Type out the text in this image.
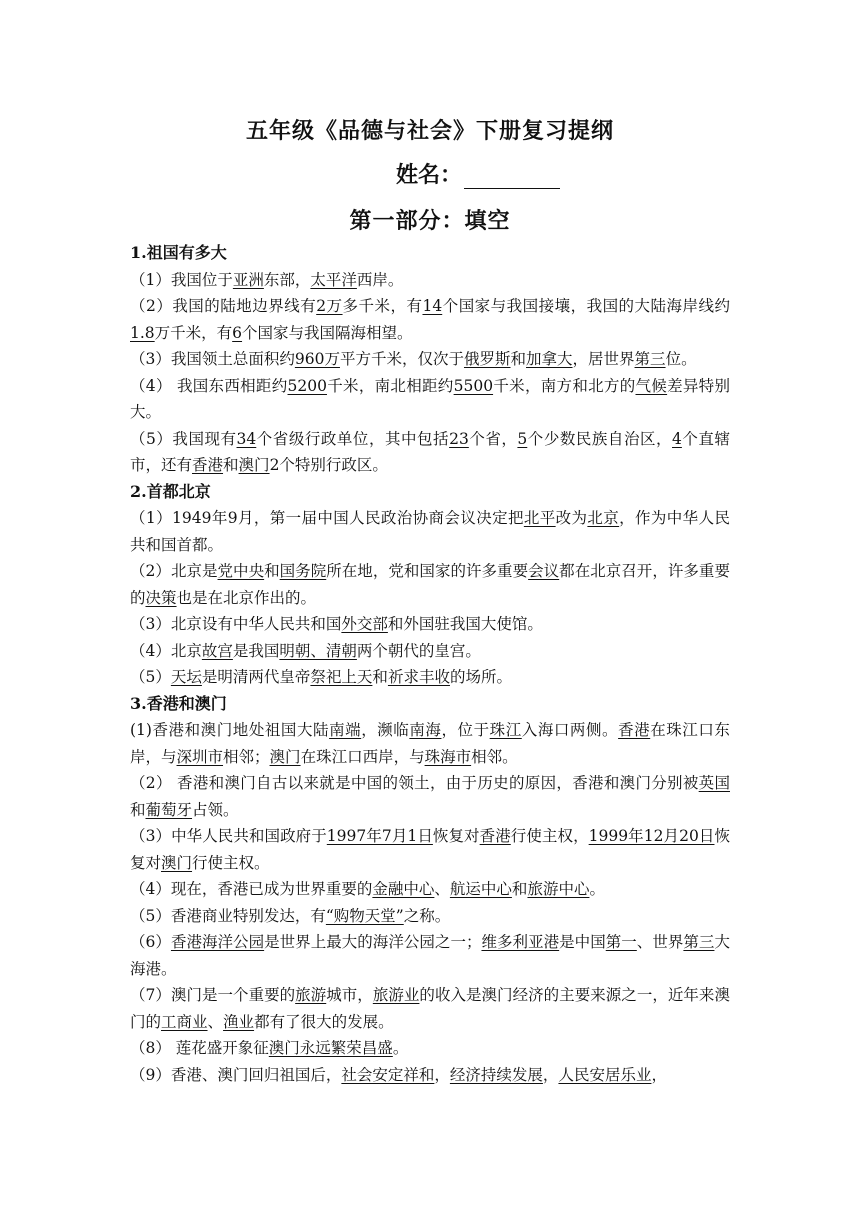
五年级《品德与社会》下册复习提纲
姓名：
第一部分：填空
1.祖国有多大
（1）我国位于亚洲东部，太平洋西岸。
（2）我国的陆地边界线有2万多千米，有14个国家与我国接壤，我国的大陆海岸线约1.8万千米，有6个国家与我国隔海相望。
（3）我国领土总面积约960万平方千米，仅次于俄罗斯和加拿大，居世界第三位。
（4） 我国东西相距约5200千米，南北相距约5500千米，南方和北方的气候差异特别大。
（5）我国现有34个省级行政单位，其中包括23个省，5个少数民族自治区，4个直辖市，还有香港和澳门2个特别行政区。
2.首都北京
（1）1949年9月，第一届中国人民政治协商会议决定把北平改为北京，作为中华人民共和国首都。
（2）北京是党中央和国务院所在地，党和国家的许多重要会议都在北京召开，许多重要的决策也是在北京作出的。
（3）北京设有中华人民共和国外交部和外国驻我国大使馆。
（4）北京故宫是我国明朝、清朝两个朝代的皇宫。
（5）天坛是明清两代皇帝祭祀上天和祈求丰收的场所。
3.香港和澳门
(1)香港和澳门地处祖国大陆南端，濒临南海，位于珠江入海口两侧。香港在珠江口东岸，与深圳市相邻；澳门在珠江口西岸，与珠海市相邻。
（2） 香港和澳门自古以来就是中国的领土，由于历史的原因，香港和澳门分别被英国和葡萄牙占领。
（3）中华人民共和国政府于1997年7月1日恢复对香港行使主权，1999年12月20日恢复对澳门行使主权。
（4）现在，香港已成为世界重要的金融中心、航运中心和旅游中心。
（5）香港商业特别发达，有“购物天堂”之称。
（6）香港海洋公园是世界上最大的海洋公园之一；维多利亚港是中国第一、世界第三大海港。
（7）澳门是一个重要的旅游城市，旅游业的收入是澳门经济的主要来源之一，近年来澳门的工商业、渔业都有了很大的发展。
（8） 莲花盛开象征澳门永远繁荣昌盛。
（9）香港、澳门回归祖国后，社会安定祥和，经济持续发展，人民安居乐业，
